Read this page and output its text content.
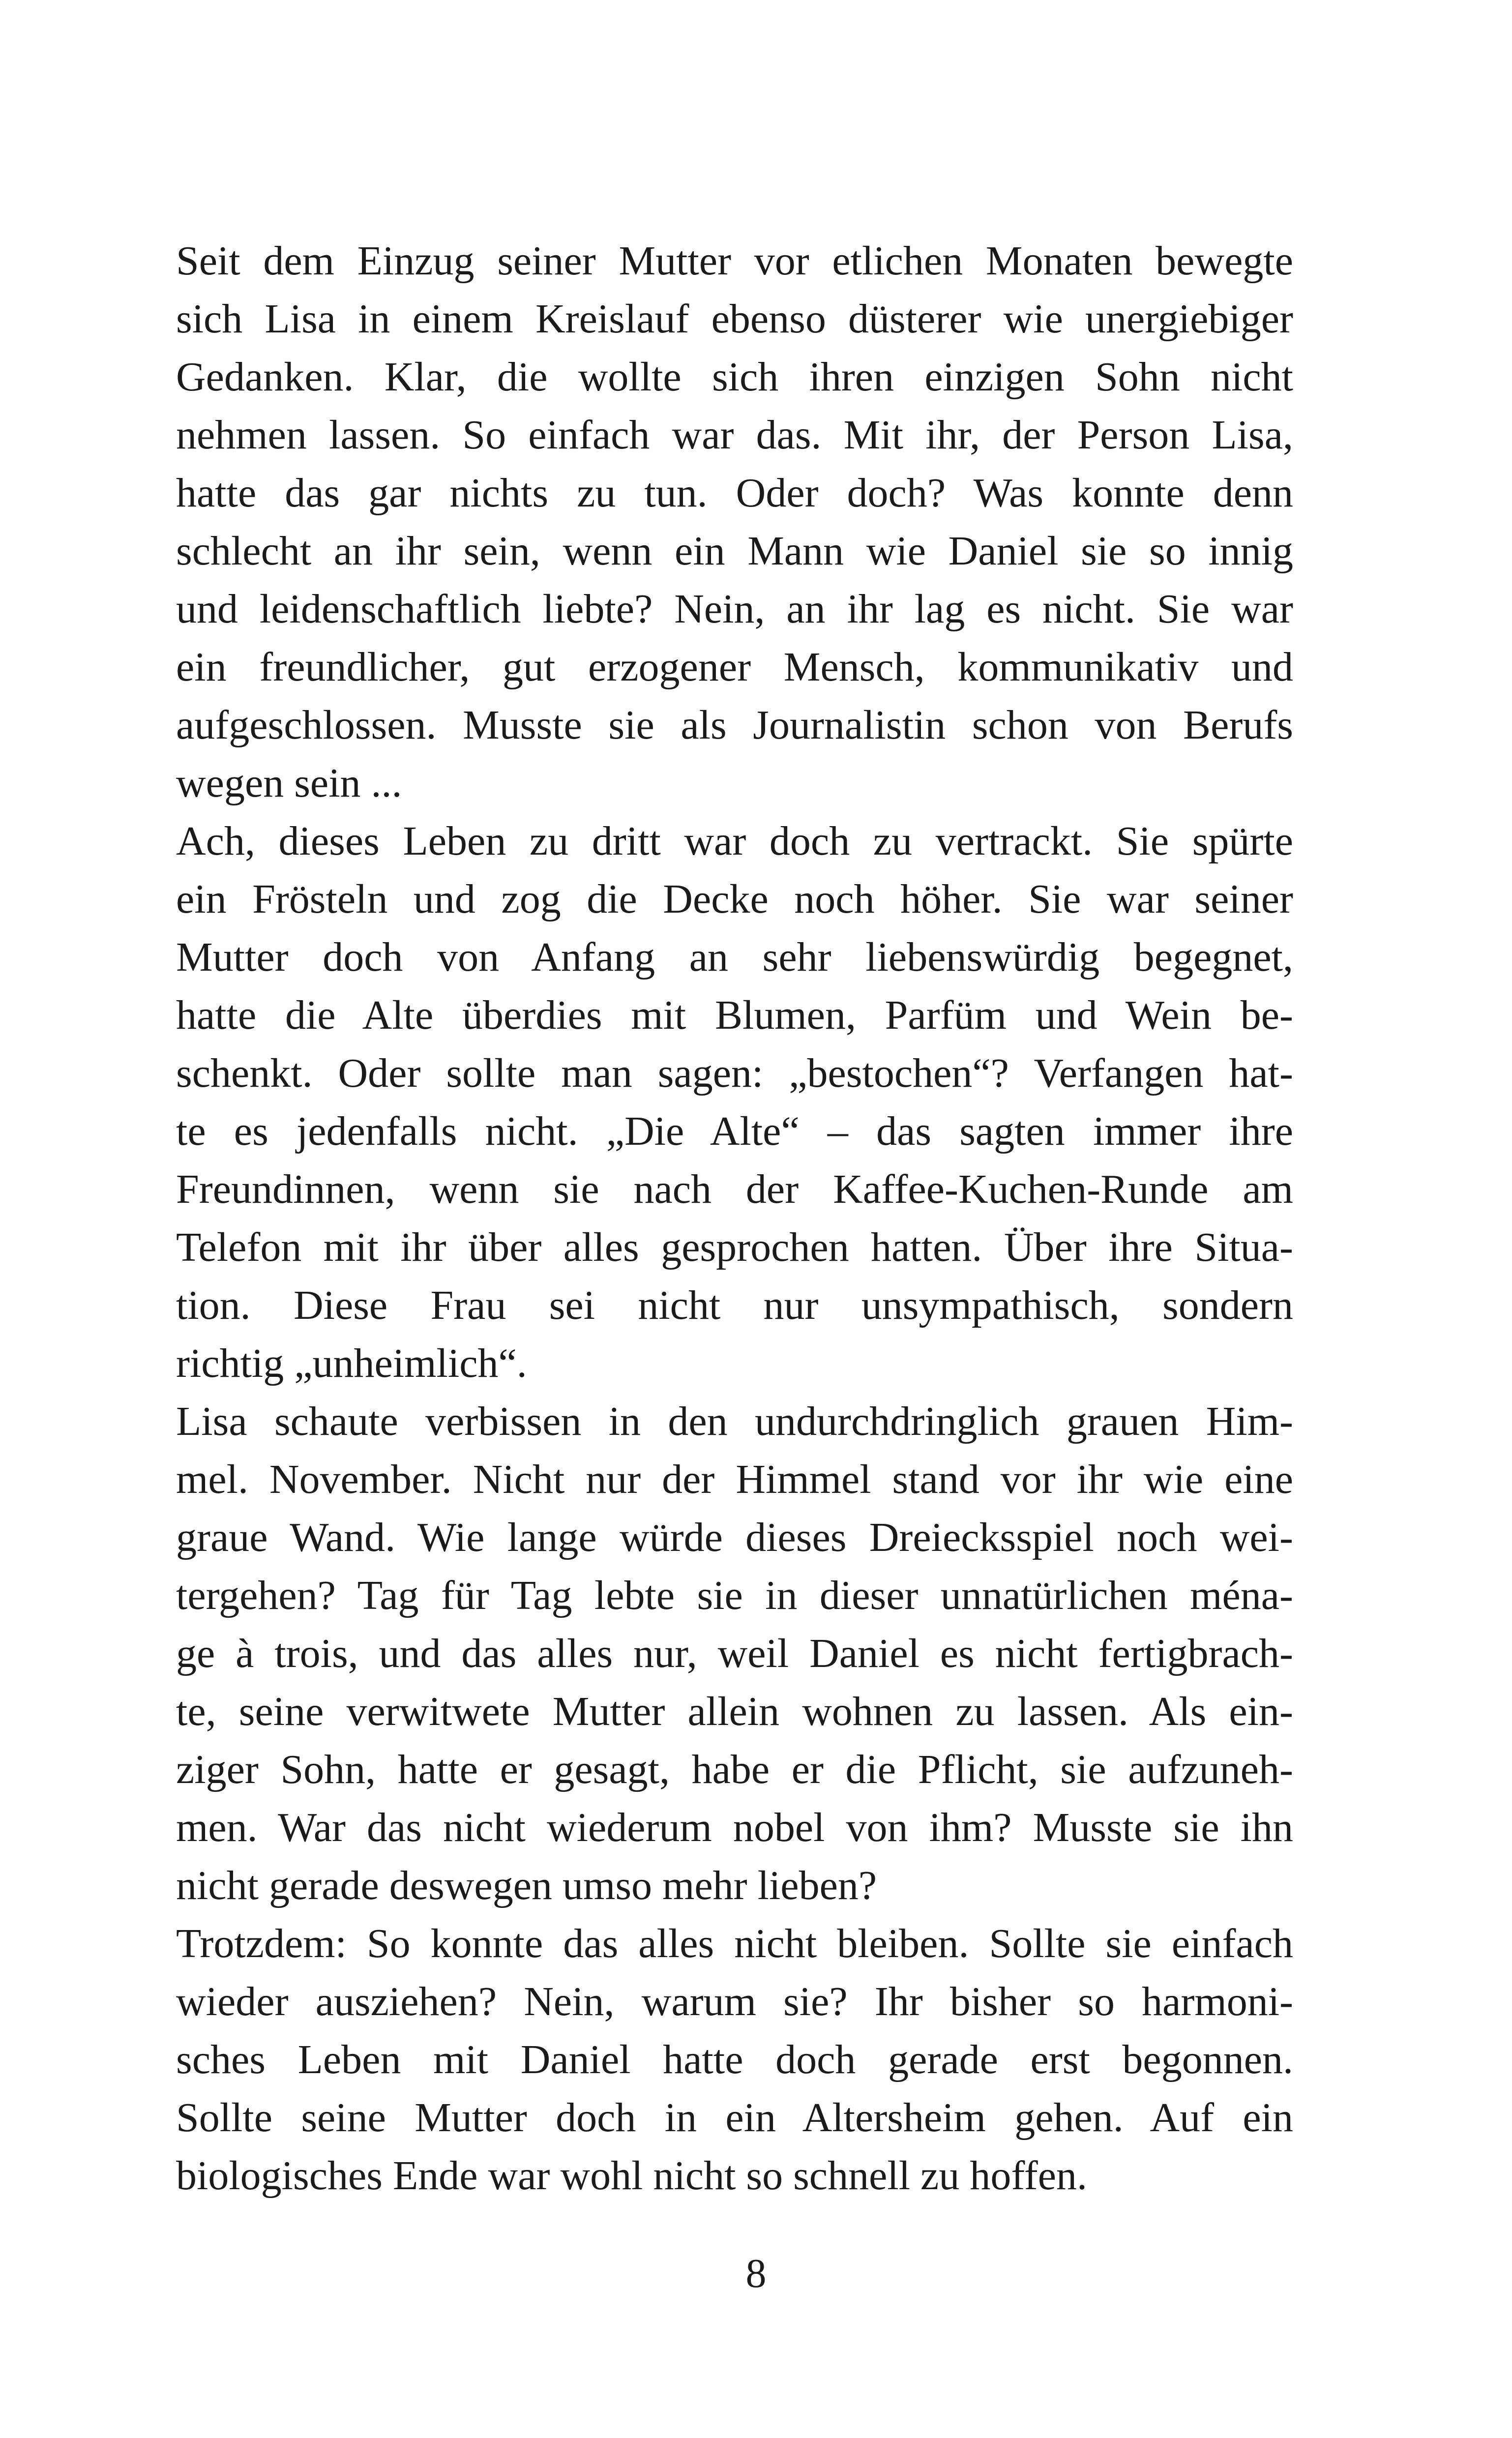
Seit dem Einzug seiner Mutter vor etlichen Monaten bewegte
sich Lisa in einem Kreislauf ebenso düsterer wie unergiebiger
Gedanken. Klar, die wollte sich ihren einzigen Sohn nicht
nehmen lassen. So einfach war das. Mit ihr, der Person Lisa,
hatte das gar nichts zu tun. Oder doch? Was konnte denn
schlecht an ihr sein, wenn ein Mann wie Daniel sie so innig
und leidenschaftlich liebte? Nein, an ihr lag es nicht. Sie war
ein freundlicher, gut erzogener Mensch, kommunikativ und
aufgeschlossen. Musste sie als Journalistin schon von Berufs
wegen sein ...
Ach, dieses Leben zu dritt war doch zu vertrackt. Sie spürte
ein Frösteln und zog die Decke noch höher. Sie war seiner
Mutter doch von Anfang an sehr liebenswürdig begegnet,
hatte die Alte überdies mit Blumen, Parfüm und Wein be-
schenkt. Oder sollte man sagen: „bestochen“? Verfangen hat-
te es jedenfalls nicht. „Die Alte“ – das sagten immer ihre
Freundinnen, wenn sie nach der Kaffee-Kuchen-Runde am
Telefon mit ihr über alles gesprochen hatten. Über ihre Situa-
tion. Diese Frau sei nicht nur unsympathisch, sondern
richtig „unheimlich“.
Lisa schaute verbissen in den undurchdringlich grauen Him-
mel. November. Nicht nur der Himmel stand vor ihr wie eine
graue Wand. Wie lange würde dieses Dreiecksspiel noch wei-
tergehen? Tag für Tag lebte sie in dieser unnatürlichen ména-
ge à trois, und das alles nur, weil Daniel es nicht fertigbrach-
te, seine verwitwete Mutter allein wohnen zu lassen. Als ein-
ziger Sohn, hatte er gesagt, habe er die Pflicht, sie aufzuneh-
men. War das nicht wiederum nobel von ihm? Musste sie ihn
nicht gerade deswegen umso mehr lieben?
Trotzdem: So konnte das alles nicht bleiben. Sollte sie einfach
wieder ausziehen? Nein, warum sie? Ihr bisher so harmoni-
sches Leben mit Daniel hatte doch gerade erst begonnen.
Sollte seine Mutter doch in ein Altersheim gehen. Auf ein
biologisches Ende war wohl nicht so schnell zu hoffen.
8
